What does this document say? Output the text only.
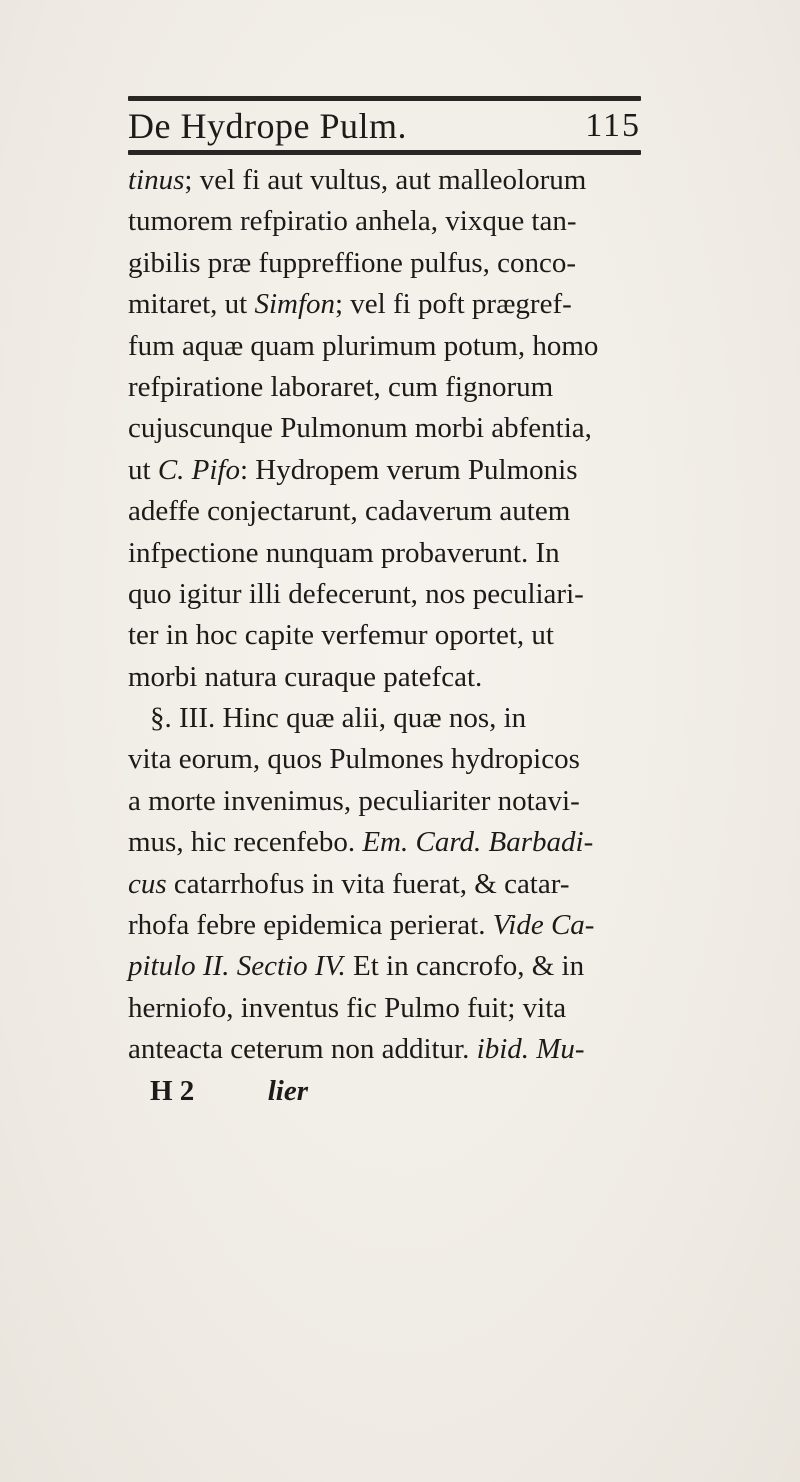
De Hydrope Pulm.	115
tinus; vel fi aut vultus, aut malleolorum
tumorem refpiratio anhela, vixque tan-
gibilis præ fuppreffione pulfus, conco-
mitaret, ut Simfon; vel fi poft prægref-
fum aquæ quam plurimum potum, homo
refpiratione laboraret, cum fignorum
cujuscunque Pulmonum morbi abfentia,
ut C. Pifo: Hydropem verum Pulmonis
adeffe conjectarunt, cadaverum autem
infpectione nunquam probaverunt. In
quo igitur illi defecerunt, nos peculiari-
ter in hoc capite verfemur oportet, ut
morbi natura curaque patefcat.
§. III. Hinc quæ alii, quæ nos, in
vita eorum, quos Pulmones hydropicos
a morte invenimus, peculiariter notavi-
mus, hic recenfebo. Em. Card. Barbadi-
cus catarrhofus in vita fuerat, & catar-
rhofa febre epidemica perierat. Vide Ca-
pitulo II. Sectio IV. Et in cancrofo, & in
herniofo, inventus fic Pulmo fuit; vita
anteacta ceterum non additur. ibid. Mu-
H 2	lier
